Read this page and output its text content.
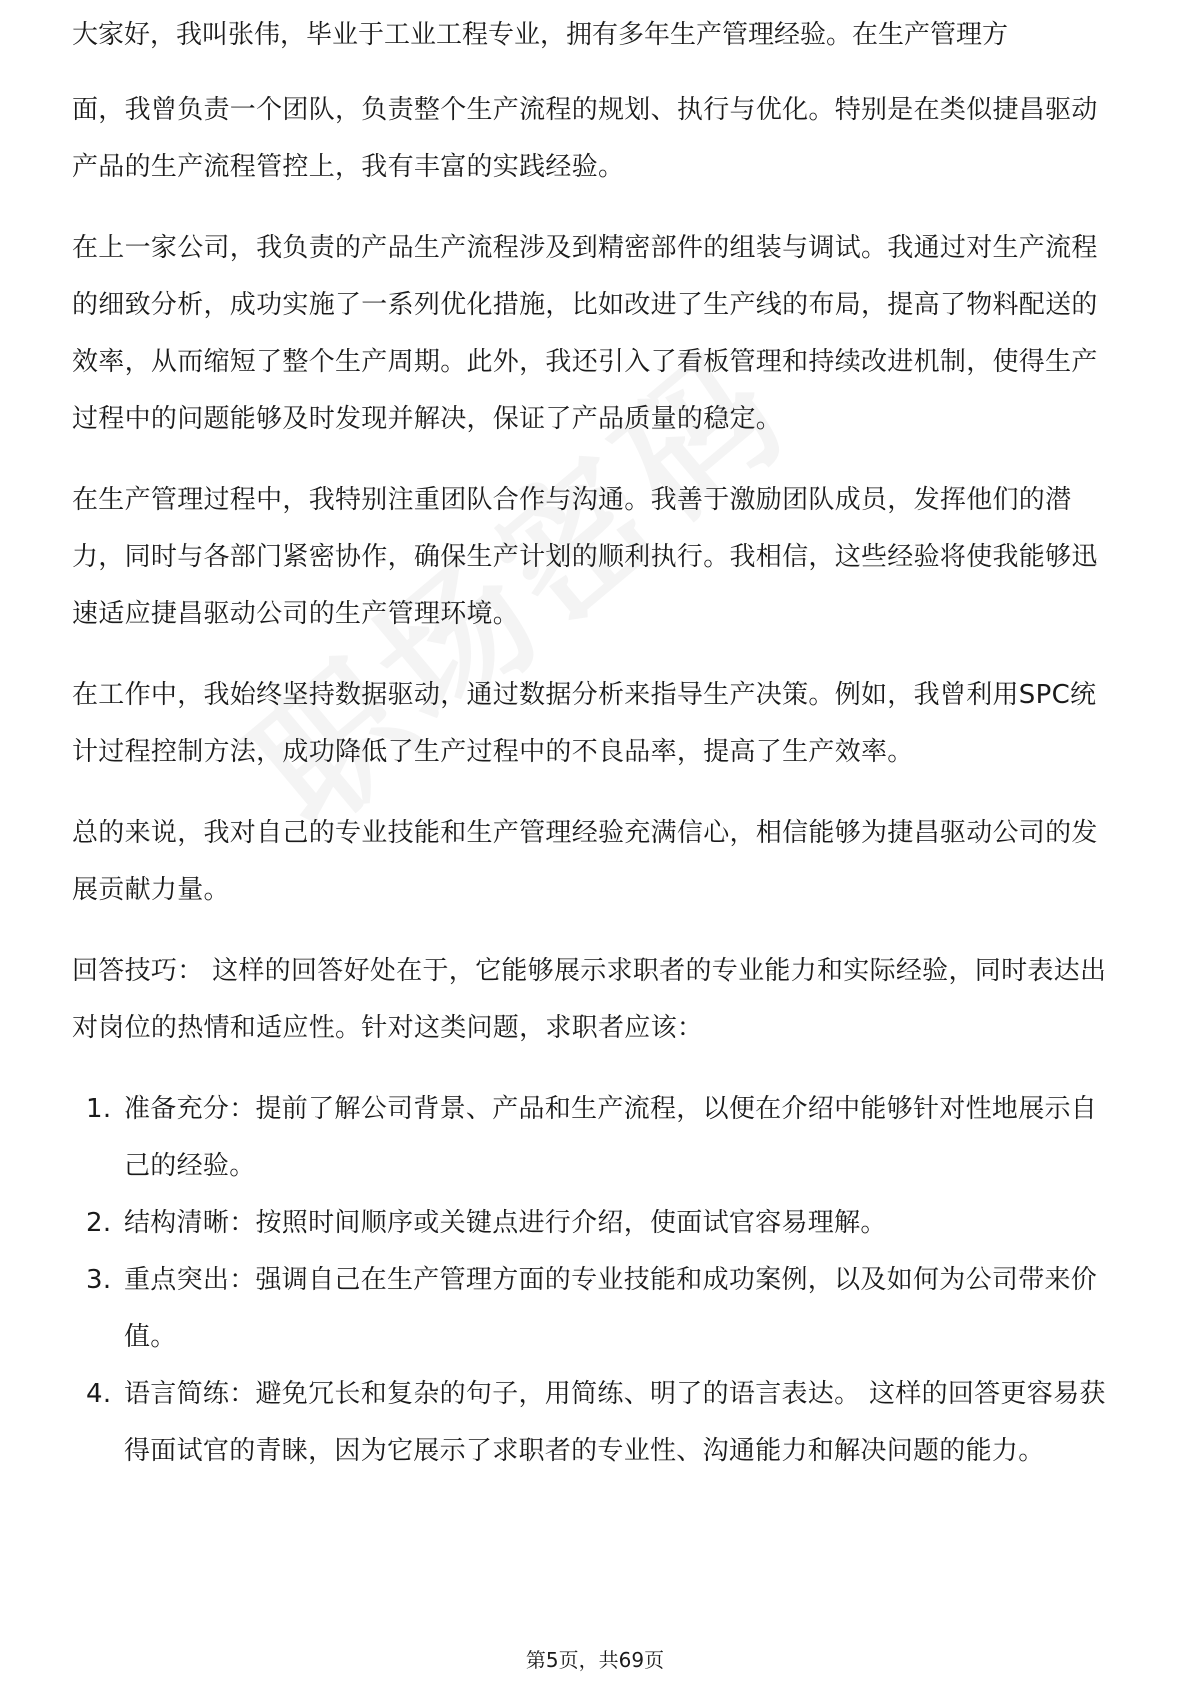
大家好，我叫张伟，毕业于工业工程专业，拥有多年生产管理经验。在生产管理方

面，我曾负责一个团队，负责整个生产流程的规划、执行与优化。特别是在类似捷昌驱动产品的生产流程管控上，我有丰富的实践经验。

在上一家公司，我负责的产品生产流程涉及到精密部件的组装与调试。我通过对生产流程的细致分析，成功实施了一系列优化措施，比如改进了生产线的布局，提高了物料配送的效率，从而缩短了整个生产周期。此外，我还引入了看板管理和持续改进机制，使得生产过程中的问题能够及时发现并解决，保证了产品质量的稳定。

在生产管理过程中，我特别注重团队合作与沟通。我善于激励团队成员，发挥他们的潜力，同时与各部门紧密协作，确保生产计划的顺利执行。我相信，这些经验将使我能够迅速适应捷昌驱动公司的生产管理环境。

在工作中，我始终坚持数据驱动，通过数据分析来指导生产决策。例如，我曾利用SPC统计过程控制方法，成功降低了生产过程中的不良品率，提高了生产效率。

总的来说，我对自己的专业技能和生产管理经验充满信心，相信能够为捷昌驱动公司的发展贡献力量。

回答技巧： 这样的回答好处在于，它能够展示求职者的专业能力和实际经验，同时表达出对岗位的热情和适应性。针对这类问题，求职者应该：

1. 准备充分：提前了解公司背景、产品和生产流程，以便在介绍中能够针对性地展示自己的经验。
2. 结构清晰：按照时间顺序或关键点进行介绍，使面试官容易理解。
3. 重点突出：强调自己在生产管理方面的专业技能和成功案例，以及如何为公司带来价值。
4. 语言简练：避免冗长和复杂的句子，用简练、明了的语言表达。 这样的回答更容易获得面试官的青睐，因为它展示了求职者的专业性、沟通能力和解决问题的能力。
第5页，共69页
